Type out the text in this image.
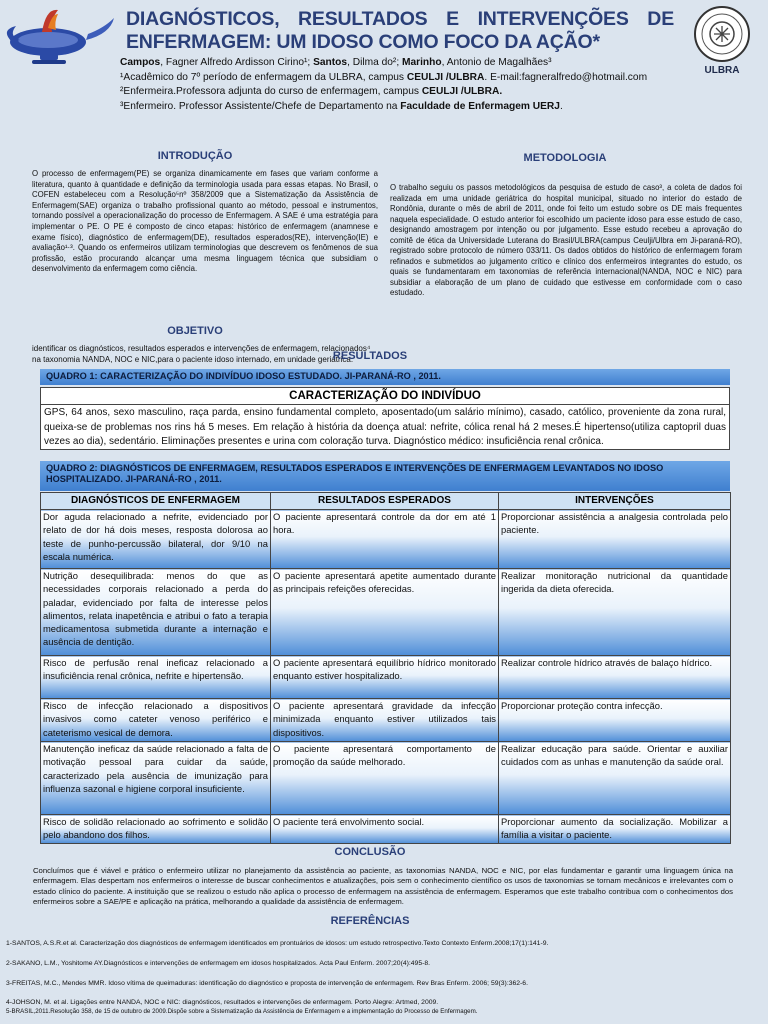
DIAGNÓSTICOS, RESULTADOS E INTERVENÇÕES DE ENFERMAGEM: UM IDOSO COMO FOCO DA AÇÃO*
Campos, Fagner Alfredo Ardisson Cirino¹; Santos, Dilma do²; Marinho, Antonio de Magalhães³
¹Acadêmico do 7º período de enfermagem da ULBRA, campus CEULJI /ULBRA. E-mail:fagneralfredo@hotmail.com
²Enfermeira.Professora adjunta do curso de enfermagem, campus CEULJI /ULBRA.
³Enfermeiro. Professor Assistente/Chefe de Departamento na Faculdade de Enfermagem UERJ.
ULBRA
INTRODUÇÃO
O processo de enfermagem(PE) se organiza dinamicamente em fases que variam conforme a literatura, quanto à quantidade e definição da terminologia usada para essas etapas. No Brasil, o COFEN estabeleceu com a Resolução⁵nº 358/2009 que a Sistematização da Assistência de Enfermagem(SAE) organiza o trabalho profissional quanto ao método, pessoal e instrumentos, tornando possível a operacionalização do processo de Enfermagem. A SAE é uma estratégia para implementar o PE. O PE é composto de cinco etapas: histórico de enfermagem (anamnese e exame físico), diagnóstico de enfermagem(DE), resultados esperados(RE), intervenção(IE) e avaliação¹·³. Quando os enfermeiros utilizam terminologias que descrevem os fenômenos de sua profissão, estão procurando alcançar uma mesma linguagem técnica que subsidiam o desenvolvimento da enfermagem como ciência.
OBJETIVO
identificar os diagnósticos, resultados esperados e intervenções de enfermagem, relacionados⁴ na taxonomia NANDA, NOC e NIC,para o paciente idoso internado, em unidade geriátrica.
METODOLOGIA
O trabalho seguiu os passos metodológicos da pesquisa de estudo de caso³, a coleta de dados foi realizada em uma unidade geriátrica do hospital municipal, situado no interior do estado de Rondônia, durante o mês de abril de 2011, onde foi feito um estudo sobre os DE mais frequentes naquela especialidade. O estudo anterior foi escolhido um paciente idoso para esse estudo de caso, designando amostragem por intenção ou por julgamento. Esse estudo recebeu a aprovação do comitê de ética da Universidade Luterana do Brasil/ULBRA(campus Ceulji/Ulbra em Ji-paraná-RO), registrado sobre protocolo de número 033/11. Os dados obtidos do histórico de enfermagem foram refinados e submetidos ao julgamento crítico e clínico dos enfermeiros integrantes do estudo, os quais se fundamentaram em taxonomias de referência internacional(NANDA, NOC e NIC) para subsidiar a elaboração de um plano de cuidado que estivesse em conformidade com o caso estudado.
RESULTADOS
QUADRO 1: CARACTERIZAÇÃO DO INDIVÍDUO IDOSO ESTUDADO. JI-PARANÁ-RO , 2011.
CARACTERIZAÇÃO DO INDIVÍDUO
GPS, 64 anos, sexo masculino, raça parda, ensino fundamental completo, aposentado(um salário mínimo), casado, católico, proveniente da zona rural, queixa-se de problemas nos rins há 5 meses. Em relação à história da doença atual: nefrite, cólica renal há 2 meses.É hipertenso(utiliza captopril duas vezes ao dia), sedentário. Eliminações presentes e urina com coloração turva. Diagnóstico médico: insuficiência renal crônica.
QUADRO 2: DIAGNÓSTICOS DE ENFERMAGEM, RESULTADOS ESPERADOS E INTERVENÇÕES DE ENFERMAGEM LEVANTADOS NO IDOSO HOSPITALIZADO. JI-PARANÁ-RO , 2011.
DIAGNÓSTICOS DE ENFERMAGEM	RESULTADOS ESPERADOS	INTERVENÇÕES
Dor aguda relacionado a nefrite, evidenciado por relato de dor há dois meses, resposta dolorosa ao teste de punho-percussão bilateral, dor 9/10 na escala numérica.	O paciente apresentará controle da dor em até 1 hora.	Proporcionar assistência a analgesia controlada pelo paciente.
Nutrição desequilibrada: menos do que as necessidades corporais relacionado a perda do paladar, evidenciado por falta de interesse pelos alimentos, relata inapetência e atribui o fato a terapia medicamentosa submetida durante a internação e ausência de dentição.	O paciente apresentará apetite aumentado durante as principais refeições oferecidas.	Realizar monitoração nutricional da quantidade ingerida da dieta oferecida.
Risco de perfusão renal ineficaz relacionado a insuficiência renal crônica, nefrite e hipertensão.	O paciente apresentará equilíbrio hídrico monitorado enquanto estiver hospitalizado.	Realizar controle hídrico através de balaço hídrico.
Risco de infecção relacionado a dispositivos invasivos como cateter venoso periférico e cateterismo vesical de demora.	O paciente apresentará gravidade da infecção minimizada enquanto estiver utilizados tais dispositivos.	Proporcionar proteção contra infecção.
Manutenção ineficaz da saúde relacionado a falta de motivação pessoal para cuidar da saúde, caracterizado pela ausência de imunização para influenza sazonal e higiene corporal insuficiente.	O paciente apresentará comportamento de promoção da saúde melhorado.	Realizar educação para saúde. Orientar e auxiliar cuidados com as unhas e manutenção da saúde oral.
Risco de solidão relacionado ao sofrimento e solidão pelo abandono dos filhos.	O paciente terá envolvimento social.	Proporcionar aumento da socialização. Mobilizar a família a visitar o paciente.
CONCLUSÃO
Concluímos que é viável e prático o enfermeiro utilizar no planejamento da assistência ao paciente, as taxonomias NANDA, NOC e NIC, por elas fundamentar e garantir uma linguagem única na enfermagem. Elas despertam nos enfermeiros o interesse de buscar conhecimentos e atualizações, pois sem o conhecimento científico os usos de taxonomias se tornam mecânicos e irrelevantes com o estado clínico do paciente. A instituição que se realizou o estudo não aplica o processo de enfermagem na assistência de enfermagem. Esperamos que este trabalho contribua com o conhecimentos dos enfermeiros sobre a SAE/PE e aplicação na prática, melhorando a qualidade da assistência de enfermagem.
REFERÊNCIAS
1-SANTOS, A.S.R.et al. Caracterização dos diagnósticos de enfermagem identificados em prontuários de idosos: um estudo retrospectivo.Texto Contexto Enferm.2008;17(1):141-9.
2-SAKANO, L.M., Yoshitome AY.Diagnósticos e intervenções de enfermagem em idosos hospitalizados. Acta Paul Enferm. 2007;20(4):495-8.
3-FREITAS, M.C., Mendes MMR. Idoso vítima de queimaduras: identificação do diagnóstico e proposta de intervenção de enfermagem. Rev Bras Enferm. 2006; 59(3):362-6.
4-JOHSON, M. et al. Ligações entre NANDA, NOC e NIC: diagnósticos, resultados e intervenções de enfermagem. Porto Alegre: Artmed, 2009.
5-BRASIL,2011.Resolução 358, de 15 de outubro de 2009.Dispõe sobre a Sistematização da Assistência de Enfermagem e a implementação do Processo de Enfermagem.
